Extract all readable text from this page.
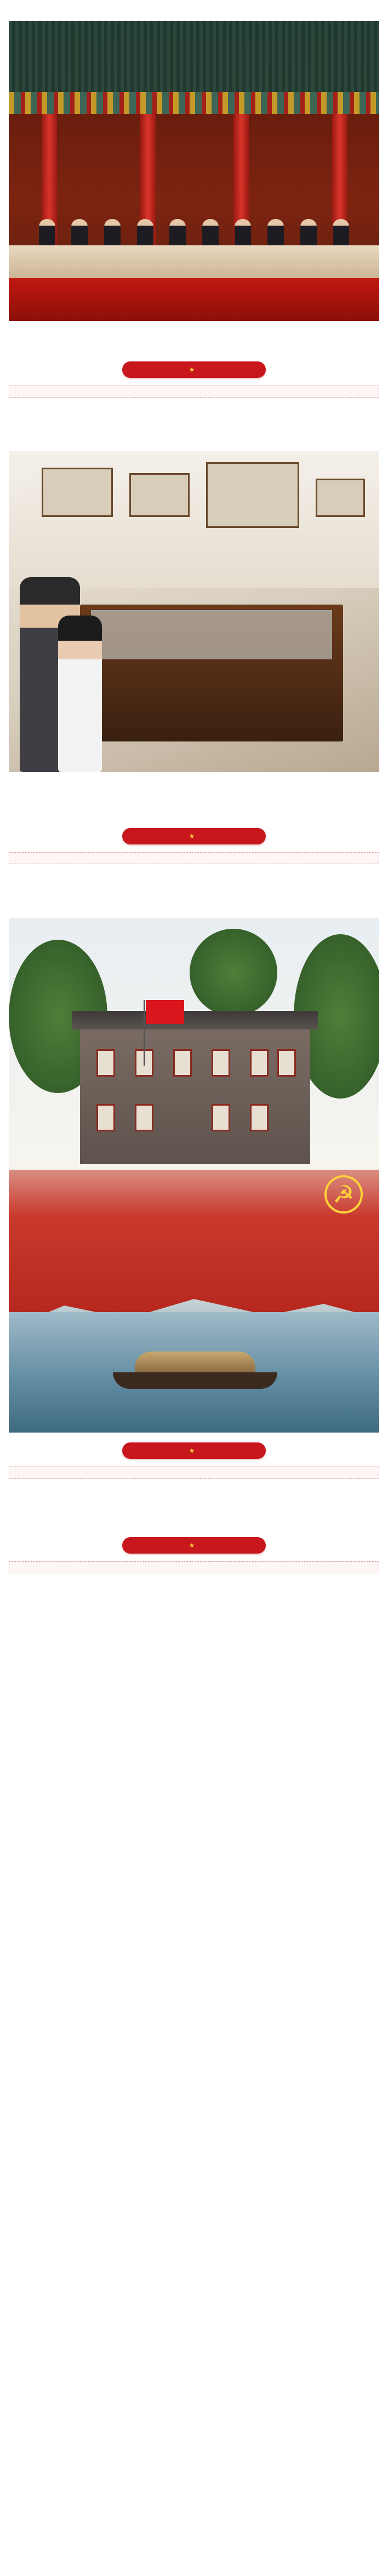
★

★

☭
★

★
